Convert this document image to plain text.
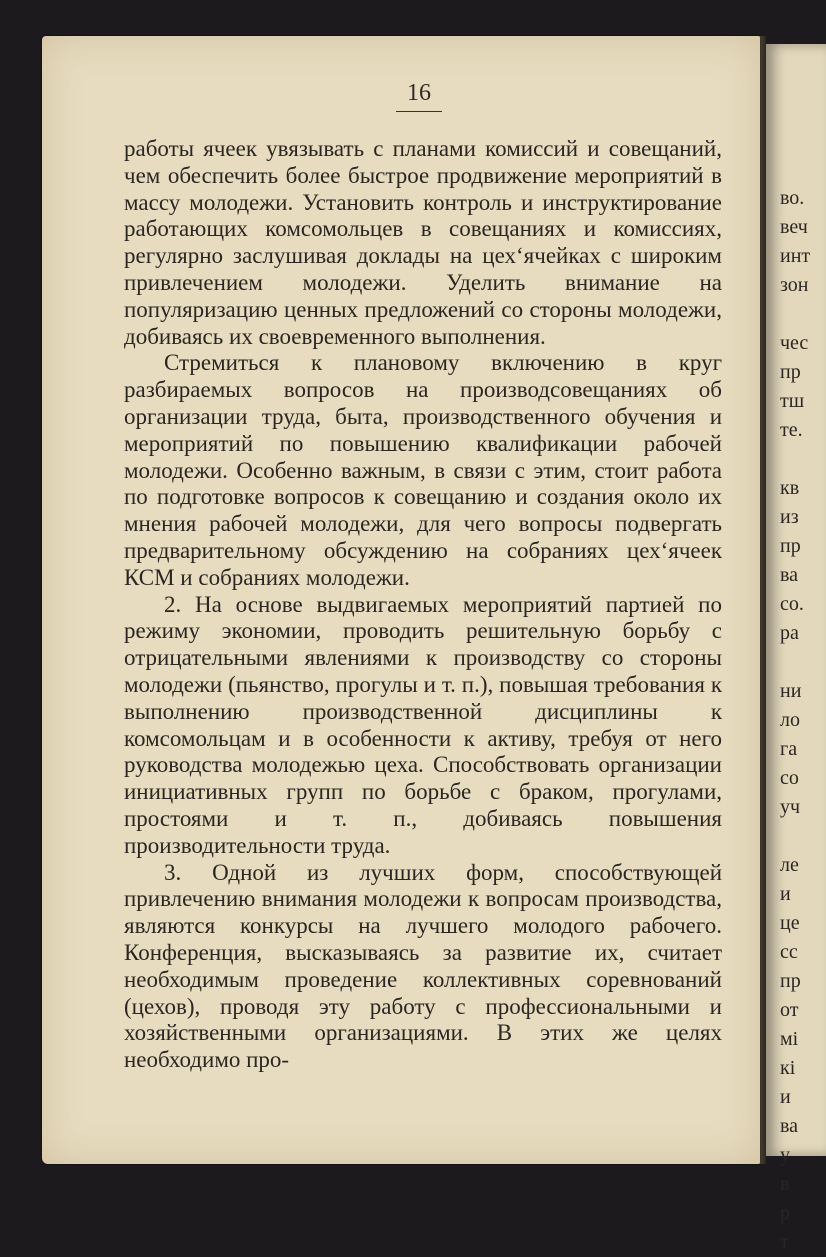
во.
веч
инт
зон
чес
пр
тш
те.
кв
из
пр
ва
со.
ра
ни
ло
га
со
уч
ле
и
це
сс
пр
от
мі
кі
и
ва
у
в
р
т
16

работы ячеек увязывать с планами комиссий и совещаний, чем обеспечить более быстрое продвижение мероприятий в массу молодежи. Установить контроль и инструктирование работающих комсомольцев в совещаниях и комиссиях, регулярно заслушивая доклады на цех‘ячейках с широким привлечением молодежи. Уделить внимание на популяризацию ценных предложений со стороны молодежи, добиваясь их своевременного выполнения.

Стремиться к плановому включению в круг разбираемых вопросов на производсовещаниях об организации труда, быта, производственного обучения и мероприятий по повышению квалификации рабочей молодежи. Особенно важным, в связи с этим, стоит работа по подготовке вопросов к совещанию и создания около их мнения рабочей молодежи, для чего вопросы подвергать предварительному обсуждению на собраниях цех‘ячеек КСМ и собраниях молодежи.

2. На основе выдвигаемых мероприятий партией по режиму экономии, проводить решительную борьбу с отрицательными явлениями к производству со стороны молодежи (пьянство, прогулы и т. п.), повышая требования к выполнению производственной дисциплины к комсомольцам и в особенности к активу, требуя от него руководства молодежью цеха. Способствовать организации инициативных групп по борьбе с браком, прогулами, простоями и т. п., добиваясь повышения производительности труда.

3. Одной из лучших форм, способствующей привлечению внимания молодежи к вопросам производства, являются конкурсы на лучшего молодого рабочего. Конференция, высказываясь за развитие их, считает необходимым проведение коллективных соревнований (цехов), проводя эту работу с профессиональными и хозяйственными организациями. В этих же целях необходимо про-
